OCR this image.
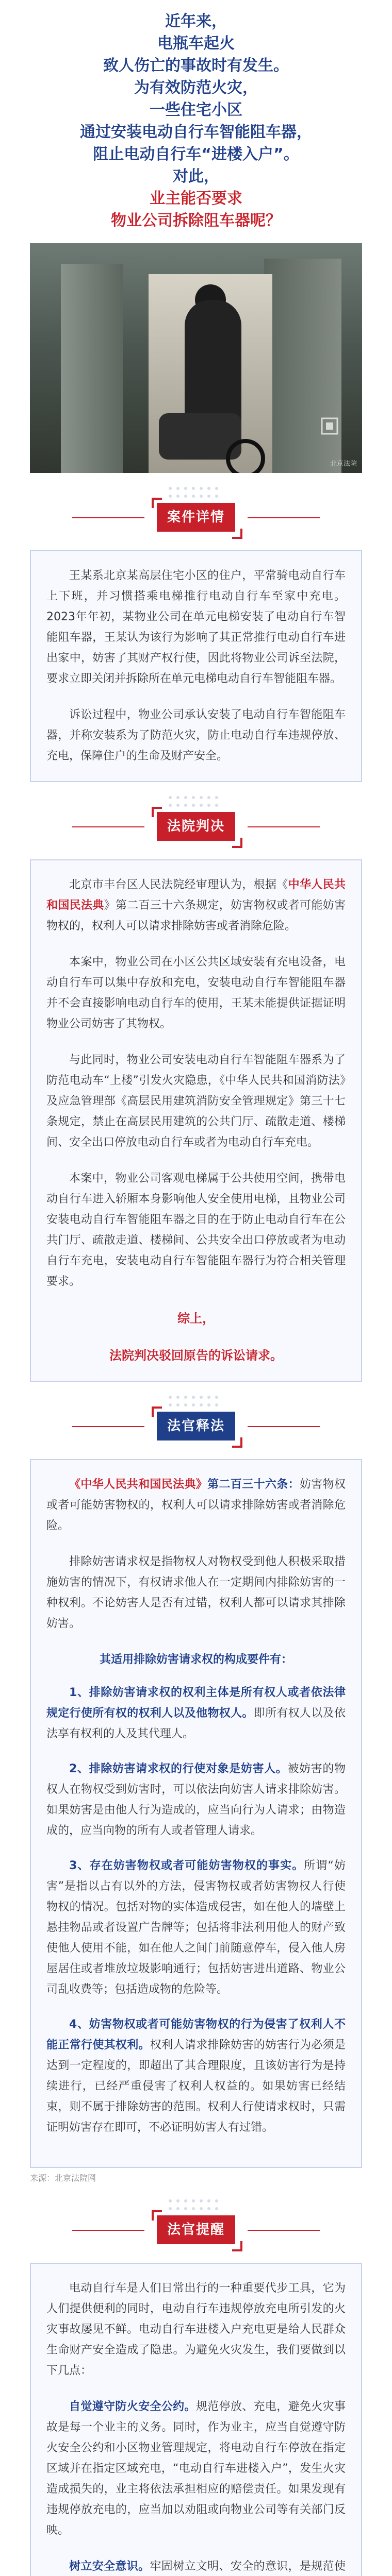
近年来，
电瓶车起火
致人伤亡的事故时有发生。
为有效防范火灾，
一些住宅小区
通过安装电动自行车智能阻车器，
阻止电动自行车“进楼入户”。
对此，
业主能否要求
物业公司拆除阻车器呢？
北京法院
案件详情

王某系北京某高层住宅小区的住户，平常骑电动自行车上下班，并习惯搭乘电梯推行电动自行车至家中充电。2023年年初，某物业公司在单元电梯安装了电动自行车智能阻车器，王某认为该行为影响了其正常推行电动自行车进出家中，妨害了其财产权行使，因此将物业公司诉至法院，要求立即关闭并拆除所在单元电梯电动自行车智能阻车器。

诉讼过程中，物业公司承认安装了电动自行车智能阻车器，并称安装系为了防范火灾，防止电动自行车违规停放、充电，保障住户的生命及财产安全。

法院判决

北京市丰台区人民法院经审理认为，根据《中华人民共和国民法典》第二百三十六条规定，妨害物权或者可能妨害物权的，权利人可以请求排除妨害或者消除危险。

本案中，物业公司在小区公共区域安装有充电设备，电动自行车可以集中存放和充电，安装电动自行车智能阻车器并不会直接影响电动自行车的使用，王某未能提供证据证明物业公司妨害了其物权。

与此同时，物业公司安装电动自行车智能阻车器系为了防范电动车“上楼”引发火灾隐患，《中华人民共和国消防法》及应急管理部《高层民用建筑消防安全管理规定》第三十七条规定，禁止在高层民用建筑的公共门厅、疏散走道、楼梯间、安全出口停放电动自行车或者为电动自行车充电。

本案中，物业公司客观电梯属于公共使用空间，携带电动自行车进入轿厢本身影响他人安全使用电梯，且物业公司安装电动自行车智能阻车器之目的在于防止电动自行车在公共门厅、疏散走道、楼梯间、公共安全出口停放或者为电动自行车充电，安装电动自行车智能阻车器行为符合相关管理要求。

综上，

法院判决驳回原告的诉讼请求。

法官释法

《中华人民共和国民法典》第二百三十六条：妨害物权或者可能妨害物权的，权利人可以请求排除妨害或者消除危险。

排除妨害请求权是指物权人对物权受到他人积极采取措施妨害的情况下，有权请求他人在一定期间内排除妨害的一种权利。不论妨害人是否有过错，权利人都可以请求其排除妨害。

其适用排除妨害请求权的构成要件有：

1、排除妨害请求权的权利主体是所有权人或者依法律规定行使所有权的权利人以及他物权人。即所有权人以及依法享有权利的人及其代理人。

2、排除妨害请求权的行使对象是妨害人。被妨害的物权人在物权受到妨害时，可以依法向妨害人请求排除妨害。如果妨害是由他人行为造成的，应当向行为人请求；由物造成的，应当向物的所有人或者管理人请求。

3、存在妨害物权或者可能妨害物权的事实。所谓“妨害”是指以占有以外的方法，侵害物权或者妨害物权人行使物权的情况。包括对物的实体造成侵害，如在他人的墙壁上悬挂物品或者设置广告牌等；包括将非法利用他人的财产致使他人使用不能，如在他人之间门前随意停车，侵入他人房屋居住或者堆放垃圾影响通行；包括妨害进出道路、物业公司乱收费等；包括造成物的危险等。

4、妨害物权或者可能妨害物权的行为侵害了权利人不能正常行使其权利。权利人请求排除妨害的妨害行为必须是达到一定程度的，即超出了其合理限度，且该妨害行为是持续进行，已经严重侵害了权利人权益的。如果妨害已经结束，则不属于排除妨害的范围。权利人行使请求权时，只需证明妨害存在即可，不必证明妨害人有过错。

来源：北京法院网
法官提醒

电动自行车是人们日常出行的一种重要代步工具，它为人们提供便利的同时，电动自行车违规停放充电所引发的火灾事故屡见不鲜。电动自行车进楼入户充电更是给人民群众生命财产安全造成了隐患。为避免火灾发生，我们要做到以下几点：

自觉遵守防火安全公约。规范停放、充电，避免火灾事故是每一个业主的义务。同时，作为业主，应当自觉遵守防火安全公约和小区物业管理规定，将电动自行车停放在指定区域并在指定区域充电，“电动自行车进楼入户”，发生火灾造成损失的，业主将依法承担相应的赔偿责任。如果发现有违规停放充电的，应当加以劝阻或向物业公司等有关部门反映。

树立安全意识。牢固树立文明、安全的意识，是规范使
